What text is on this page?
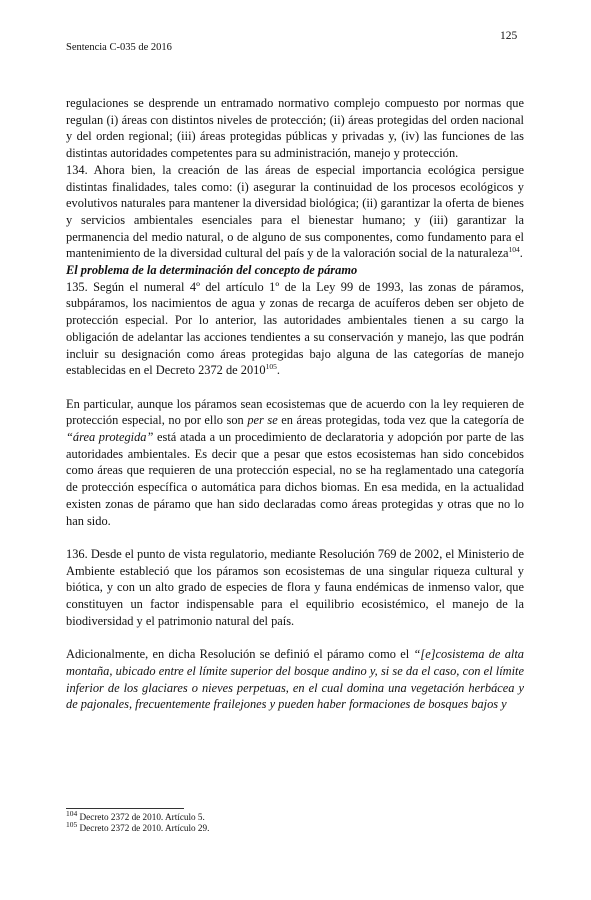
Sentencia C-035 de 2016
125

regulaciones se desprende un entramado normativo complejo compuesto por normas que regulan (i) áreas con distintos niveles de protección; (ii) áreas protegidas del orden nacional y del orden regional; (iii) áreas protegidas públicas y privadas y, (iv) las funciones de las distintas autoridades competentes para su administración, manejo y protección.

134. Ahora bien, la creación de las áreas de especial importancia ecológica persigue distintas finalidades, tales como: (i) asegurar la continuidad de los procesos ecológicos y evolutivos naturales para mantener la diversidad biológica; (ii) garantizar la oferta de bienes y servicios ambientales esenciales para el bienestar humano; y (iii) garantizar la permanencia del medio natural, o de alguno de sus componentes, como fundamento para el mantenimiento de la diversidad cultural del país y de la valoración social de la naturaleza$^{104}$.

El problema de la determinación del concepto de páramo

135. Según el numeral 4º del artículo 1º de la Ley 99 de 1993, las zonas de páramos, subpáramos, los nacimientos de agua y zonas de recarga de acuíferos deben ser objeto de protección especial. Por lo anterior, las autoridades ambientales tienen a su cargo la obligación de adelantar las acciones tendientes a su conservación y manejo, las que podrán incluir su designación como áreas protegidas bajo alguna de las categorías de manejo establecidas en el Decreto 2372 de 2010$^{105}$.

En particular, aunque los páramos sean ecosistemas que de acuerdo con la ley requieren de protección especial, no por ello son per se en áreas protegidas, toda vez que la categoría de “área protegida” está atada a un procedimiento de declaratoria y adopción por parte de las autoridades ambientales. Es decir que a pesar que estos ecosistemas han sido concebidos como áreas que requieren de una protección especial, no se ha reglamentado una categoría de protección específica o automática para dichos biomas. En esa medida, en la actualidad existen zonas de páramo que han sido declaradas como áreas protegidas y otras que no lo han sido.

136. Desde el punto de vista regulatorio, mediante Resolución 769 de 2002, el Ministerio de Ambiente estableció que los páramos son ecosistemas de una singular riqueza cultural y biótica, y con un alto grado de especies de flora y fauna endémicas de inmenso valor, que constituyen un factor indispensable para el equilibrio ecosistémico, el manejo de la biodiversidad y el patrimonio natural del país.

Adicionalmente, en dicha Resolución se definió el páramo como el “[e]cosistema de alta montaña, ubicado entre el límite superior del bosque andino y, si se da el caso, con el límite inferior de los glaciares o nieves perpetuas, en el cual domina una vegetación herbácea y de pajonales, frecuentemente frailejones y pueden haber formaciones de bosques bajos y

$^{104}$ Decreto 2372 de 2010. Artículo 5.
$^{105}$ Decreto 2372 de 2010. Artículo 29.
